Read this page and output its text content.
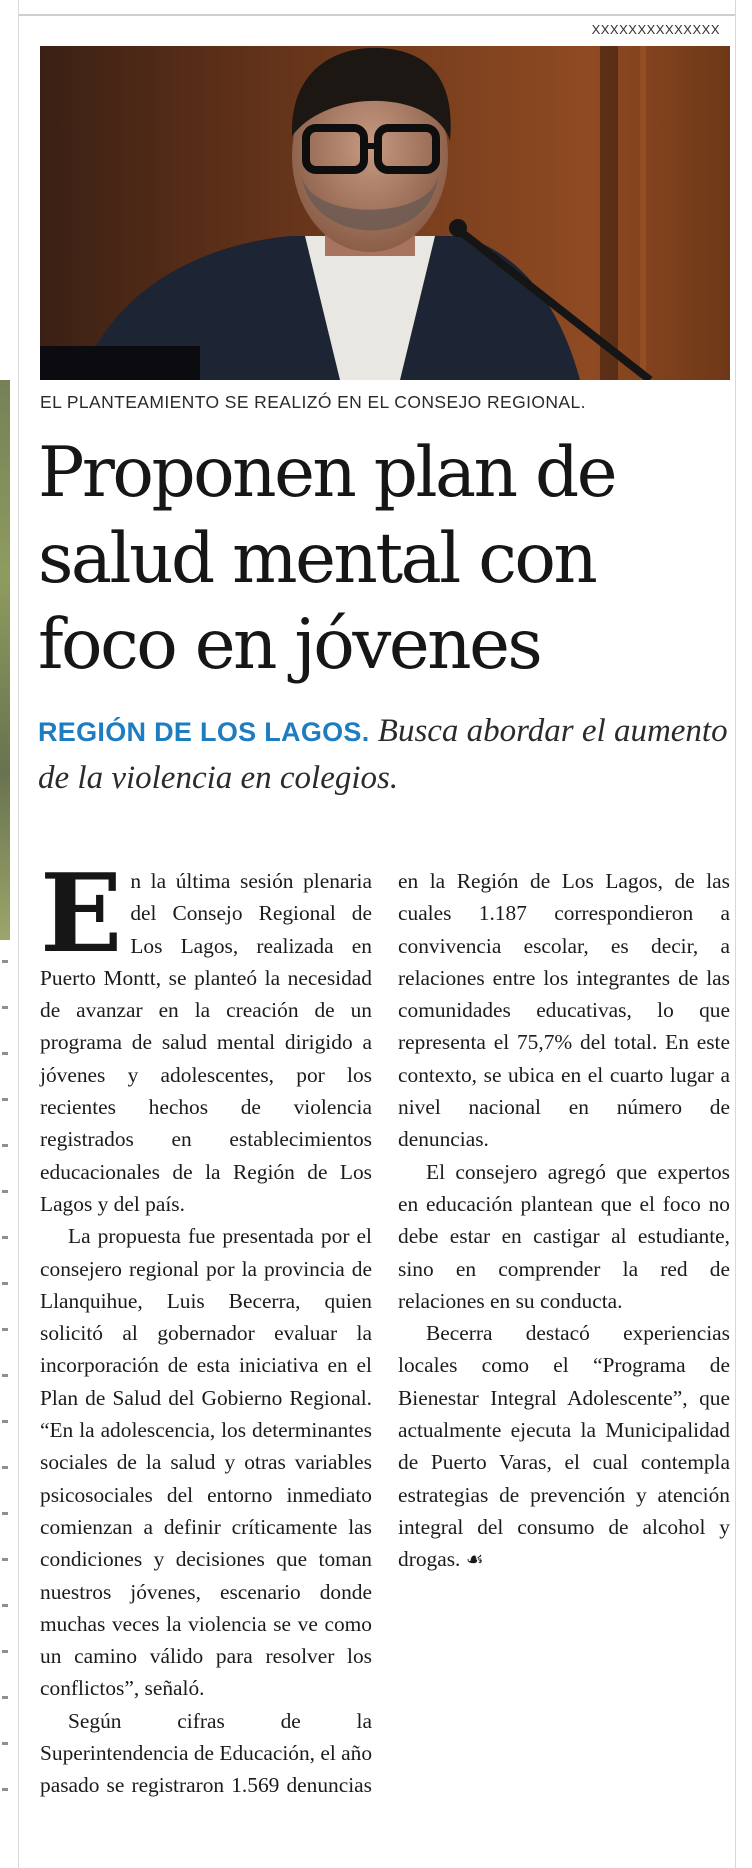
XXXXXXXXXXXXXX
EL PLANTEAMIENTO SE REALIZÓ EN EL CONSEJO REGIONAL.
Proponen plan de salud mental con foco en jóvenes
REGIÓN DE LOS LAGOS. Busca abordar el aumento de la violencia en colegios.

E n la última sesión plenaria del Consejo Regional de Los Lagos, realizada en Puerto Montt, se planteó la necesidad de avanzar en la creación de un programa de salud mental dirigido a jóvenes y adolescentes, por los recientes hechos de violencia registrados en establecimientos educacionales de la Región de Los Lagos y del país.

La propuesta fue presentada por el consejero regional por la provincia de Llanquihue, Luis Becerra, quien solicitó al gobernador evaluar la incorporación de esta iniciativa en el Plan de Salud del Gobierno Regional. “En la adolescencia, los determinantes sociales de la salud y otras variables psicosociales del entorno inmediato comienzan a definir críticamente las condiciones y decisiones que toman nuestros jóvenes, escenario donde muchas veces la violencia se ve como un camino válido para resolver los conflictos”, señaló.

Según cifras de la Superintendencia de Educación, el año pasado se registraron 1.569 denuncias en la Región de Los Lagos, de las cuales 1.187 correspondieron a convivencia escolar, es decir, a relaciones entre los integrantes de las comunidades educativas, lo que representa el 75,7% del total. En este contexto, se ubica en el cuarto lugar a nivel nacional en número de denuncias.

El consejero agregó que expertos en educación plantean que el foco no debe estar en castigar al estudiante, sino en comprender la red de relaciones en su conducta.

Becerra destacó experiencias locales como el “Programa de Bienestar Integral Adolescente”, que actualmente ejecuta la Municipalidad de Puerto Varas, el cual contempla estrategias de prevención y atención integral del consumo de alcohol y drogas. ☙
